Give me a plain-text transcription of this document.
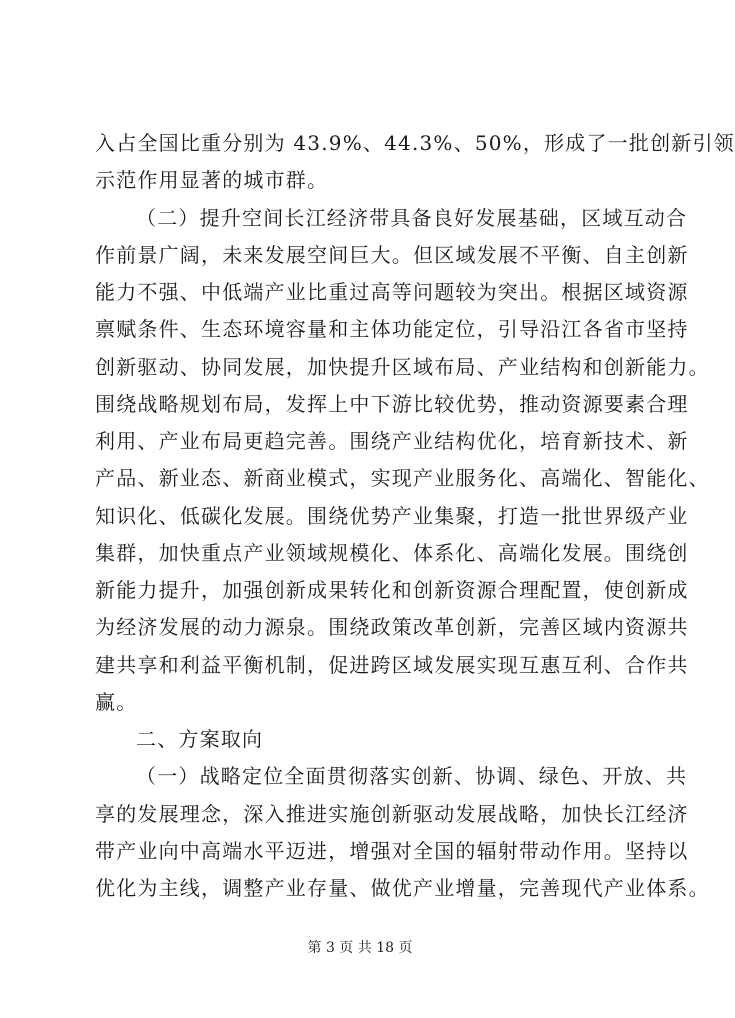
入占全国比重分别为 43.9%、44.3%、50%，形成了一批创新引领
示范作用显著的城市群。
（二）提升空间长江经济带具备良好发展基础，区域互动合
作前景广阔，未来发展空间巨大。但区域发展不平衡、自主创新
能力不强、中低端产业比重过高等问题较为突出。根据区域资源
禀赋条件、生态环境容量和主体功能定位，引导沿江各省市坚持
创新驱动、协同发展，加快提升区域布局、产业结构和创新能力。
围绕战略规划布局，发挥上中下游比较优势，推动资源要素合理
利用、产业布局更趋完善。围绕产业结构优化，培育新技术、新
产品、新业态、新商业模式，实现产业服务化、高端化、智能化、
知识化、低碳化发展。围绕优势产业集聚，打造一批世界级产业
集群，加快重点产业领域规模化、体系化、高端化发展。围绕创
新能力提升，加强创新成果转化和创新资源合理配置，使创新成
为经济发展的动力源泉。围绕政策改革创新，完善区域内资源共
建共享和利益平衡机制，促进跨区域发展实现互惠互利、合作共
赢。
二、方案取向
（一）战略定位全面贯彻落实创新、协调、绿色、开放、共
享的发展理念，深入推进实施创新驱动发展战略，加快长江经济
带产业向中高端水平迈进，增强对全国的辐射带动作用。坚持以
优化为主线，调整产业存量、做优产业增量，完善现代产业体系。
第 3 页 共 18 页
